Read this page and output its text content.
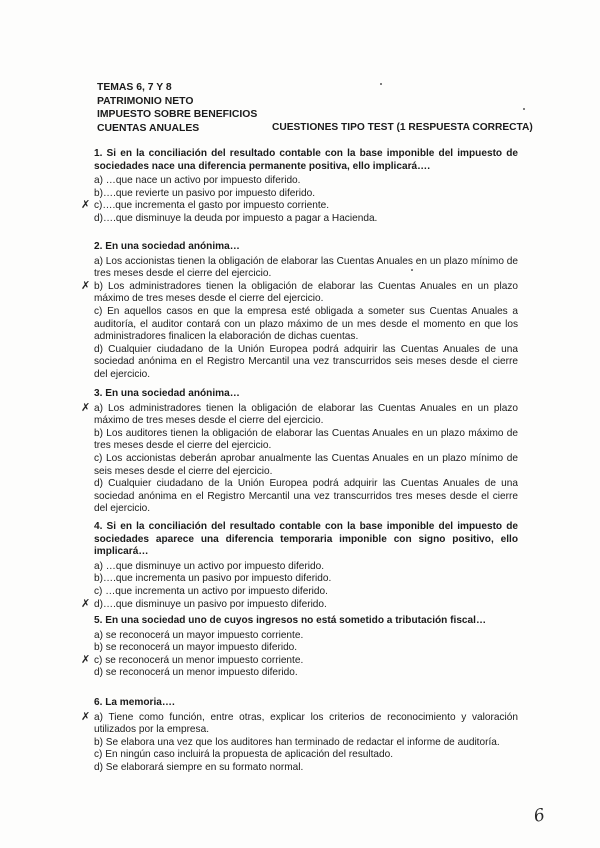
TEMAS 6, 7 Y 8
PATRIMONIO NETO
IMPUESTO SOBRE BENEFICIOS
CUENTAS ANUALES	CUESTIONES TIPO TEST (1 RESPUESTA CORRECTA)
1. Si en la conciliación del resultado contable con la base imponible del impuesto de sociedades nace una diferencia permanente positiva, ello implicará….
a) …que nace un activo por impuesto diferido.
b)….que revierte un pasivo por impuesto diferido.
✗ c)….que incrementa el gasto por impuesto corriente.
d)….que disminuye la deuda por impuesto a pagar a Hacienda.
2. En una sociedad anónima…
a) Los accionistas tienen la obligación de elaborar las Cuentas Anuales en un plazo mínimo de tres meses desde el cierre del ejercicio.
✗ b) Los administradores tienen la obligación de elaborar las Cuentas Anuales en un plazo máximo de tres meses desde el cierre del ejercicio.
c) En aquellos casos en que la empresa esté obligada a someter sus Cuentas Anuales a auditoría, el auditor contará con un plazo máximo de un mes desde el momento en que los administradores finalicen la elaboración de dichas cuentas.
d) Cualquier ciudadano de la Unión Europea podrá adquirir las Cuentas Anuales de una sociedad anónima en el Registro Mercantil una vez transcurridos seis meses desde el cierre del ejercicio.
3. En una sociedad anónima…
✗ a) Los administradores tienen la obligación de elaborar las Cuentas Anuales en un plazo máximo de tres meses desde el cierre del ejercicio.
b) Los auditores tienen la obligación de elaborar las Cuentas Anuales en un plazo máximo de tres meses desde el cierre del ejercicio.
c) Los accionistas deberán aprobar anualmente las Cuentas Anuales en un plazo mínimo de seis meses desde el cierre del ejercicio.
d) Cualquier ciudadano de la Unión Europea podrá adquirir las Cuentas Anuales de una sociedad anónima en el Registro Mercantil una vez transcurridos tres meses desde el cierre del ejercicio.
4. Si en la conciliación del resultado contable con la base imponible del impuesto de sociedades aparece una diferencia temporaria imponible con signo positivo, ello implicará…
a) …que disminuye un activo por impuesto diferido.
b)….que incrementa un pasivo por impuesto diferido.
c) …que incrementa un activo por impuesto diferido.
✗ d)….que disminuye un pasivo por impuesto diferido.
5. En una sociedad uno de cuyos ingresos no está sometido a tributación fiscal…
a) se reconocerá un mayor impuesto corriente.
b) se reconocerá un mayor impuesto diferido.
✗ c) se reconocerá un menor impuesto corriente.
d) se reconocerá un menor impuesto diferido.
6. La memoria….
✗ a) Tiene como función, entre otras, explicar los criterios de reconocimiento y valoración utilizados por la empresa.
b) Se elabora una vez que los auditores han terminado de redactar el informe de auditoría.
c) En ningún caso incluirá la propuesta de aplicación del resultado.
d) Se elaborará siempre en su formato normal.
6
